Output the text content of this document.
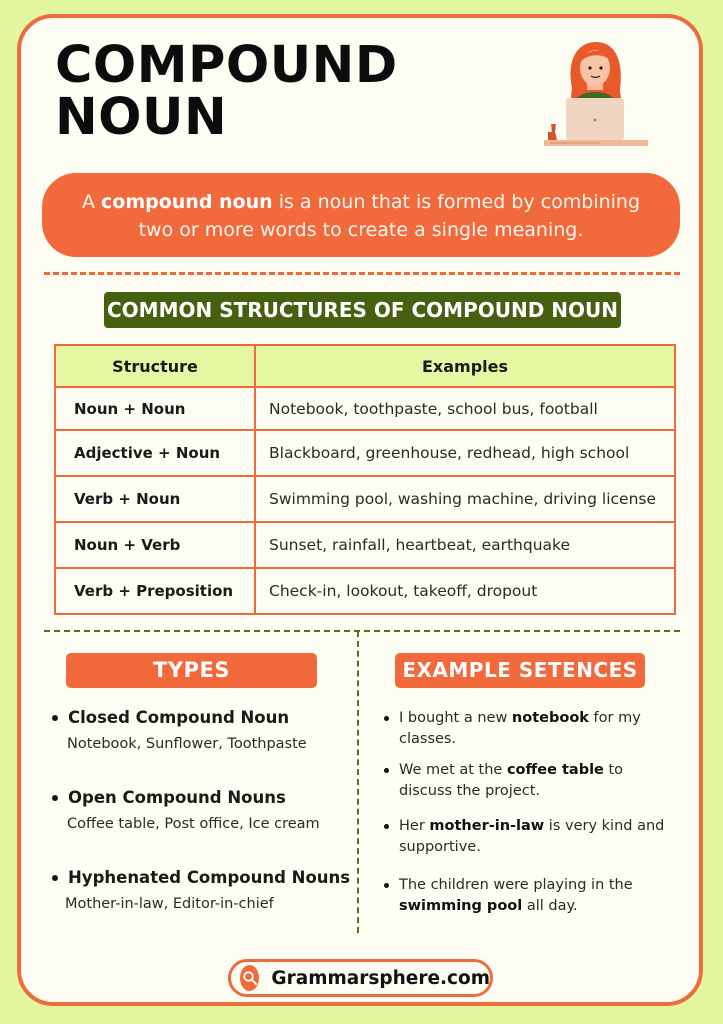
COMPOUND
NOUN
A compound noun is a noun that is formed by combining
two or more words to create a single meaning.
COMMON STRUCTURES OF COMPOUND NOUN
Structure	Examples
Noun + Noun	Notebook, toothpaste, school bus, football
Adjective + Noun	Blackboard, greenhouse, redhead, high school
Verb + Noun	Swimming pool, washing machine, driving license
Noun + Verb	Sunset, rainfall, heartbeat, earthquake
Verb + Preposition	Check-in, lookout, takeoff, dropout
TYPES
Closed Compound Noun
Notebook, Sunflower, Toothpaste
Open Compound Nouns
Coffee table, Post office, Ice cream
Hyphenated Compound Nouns
Mother-in-law, Editor-in-chief
EXAMPLE SETENCES
I bought a new notebook for my classes.
We met at the coffee table to discuss the project.
Her mother-in-law is very kind and supportive.
The children were playing in the swimming pool all day.
Grammarsphere.com
